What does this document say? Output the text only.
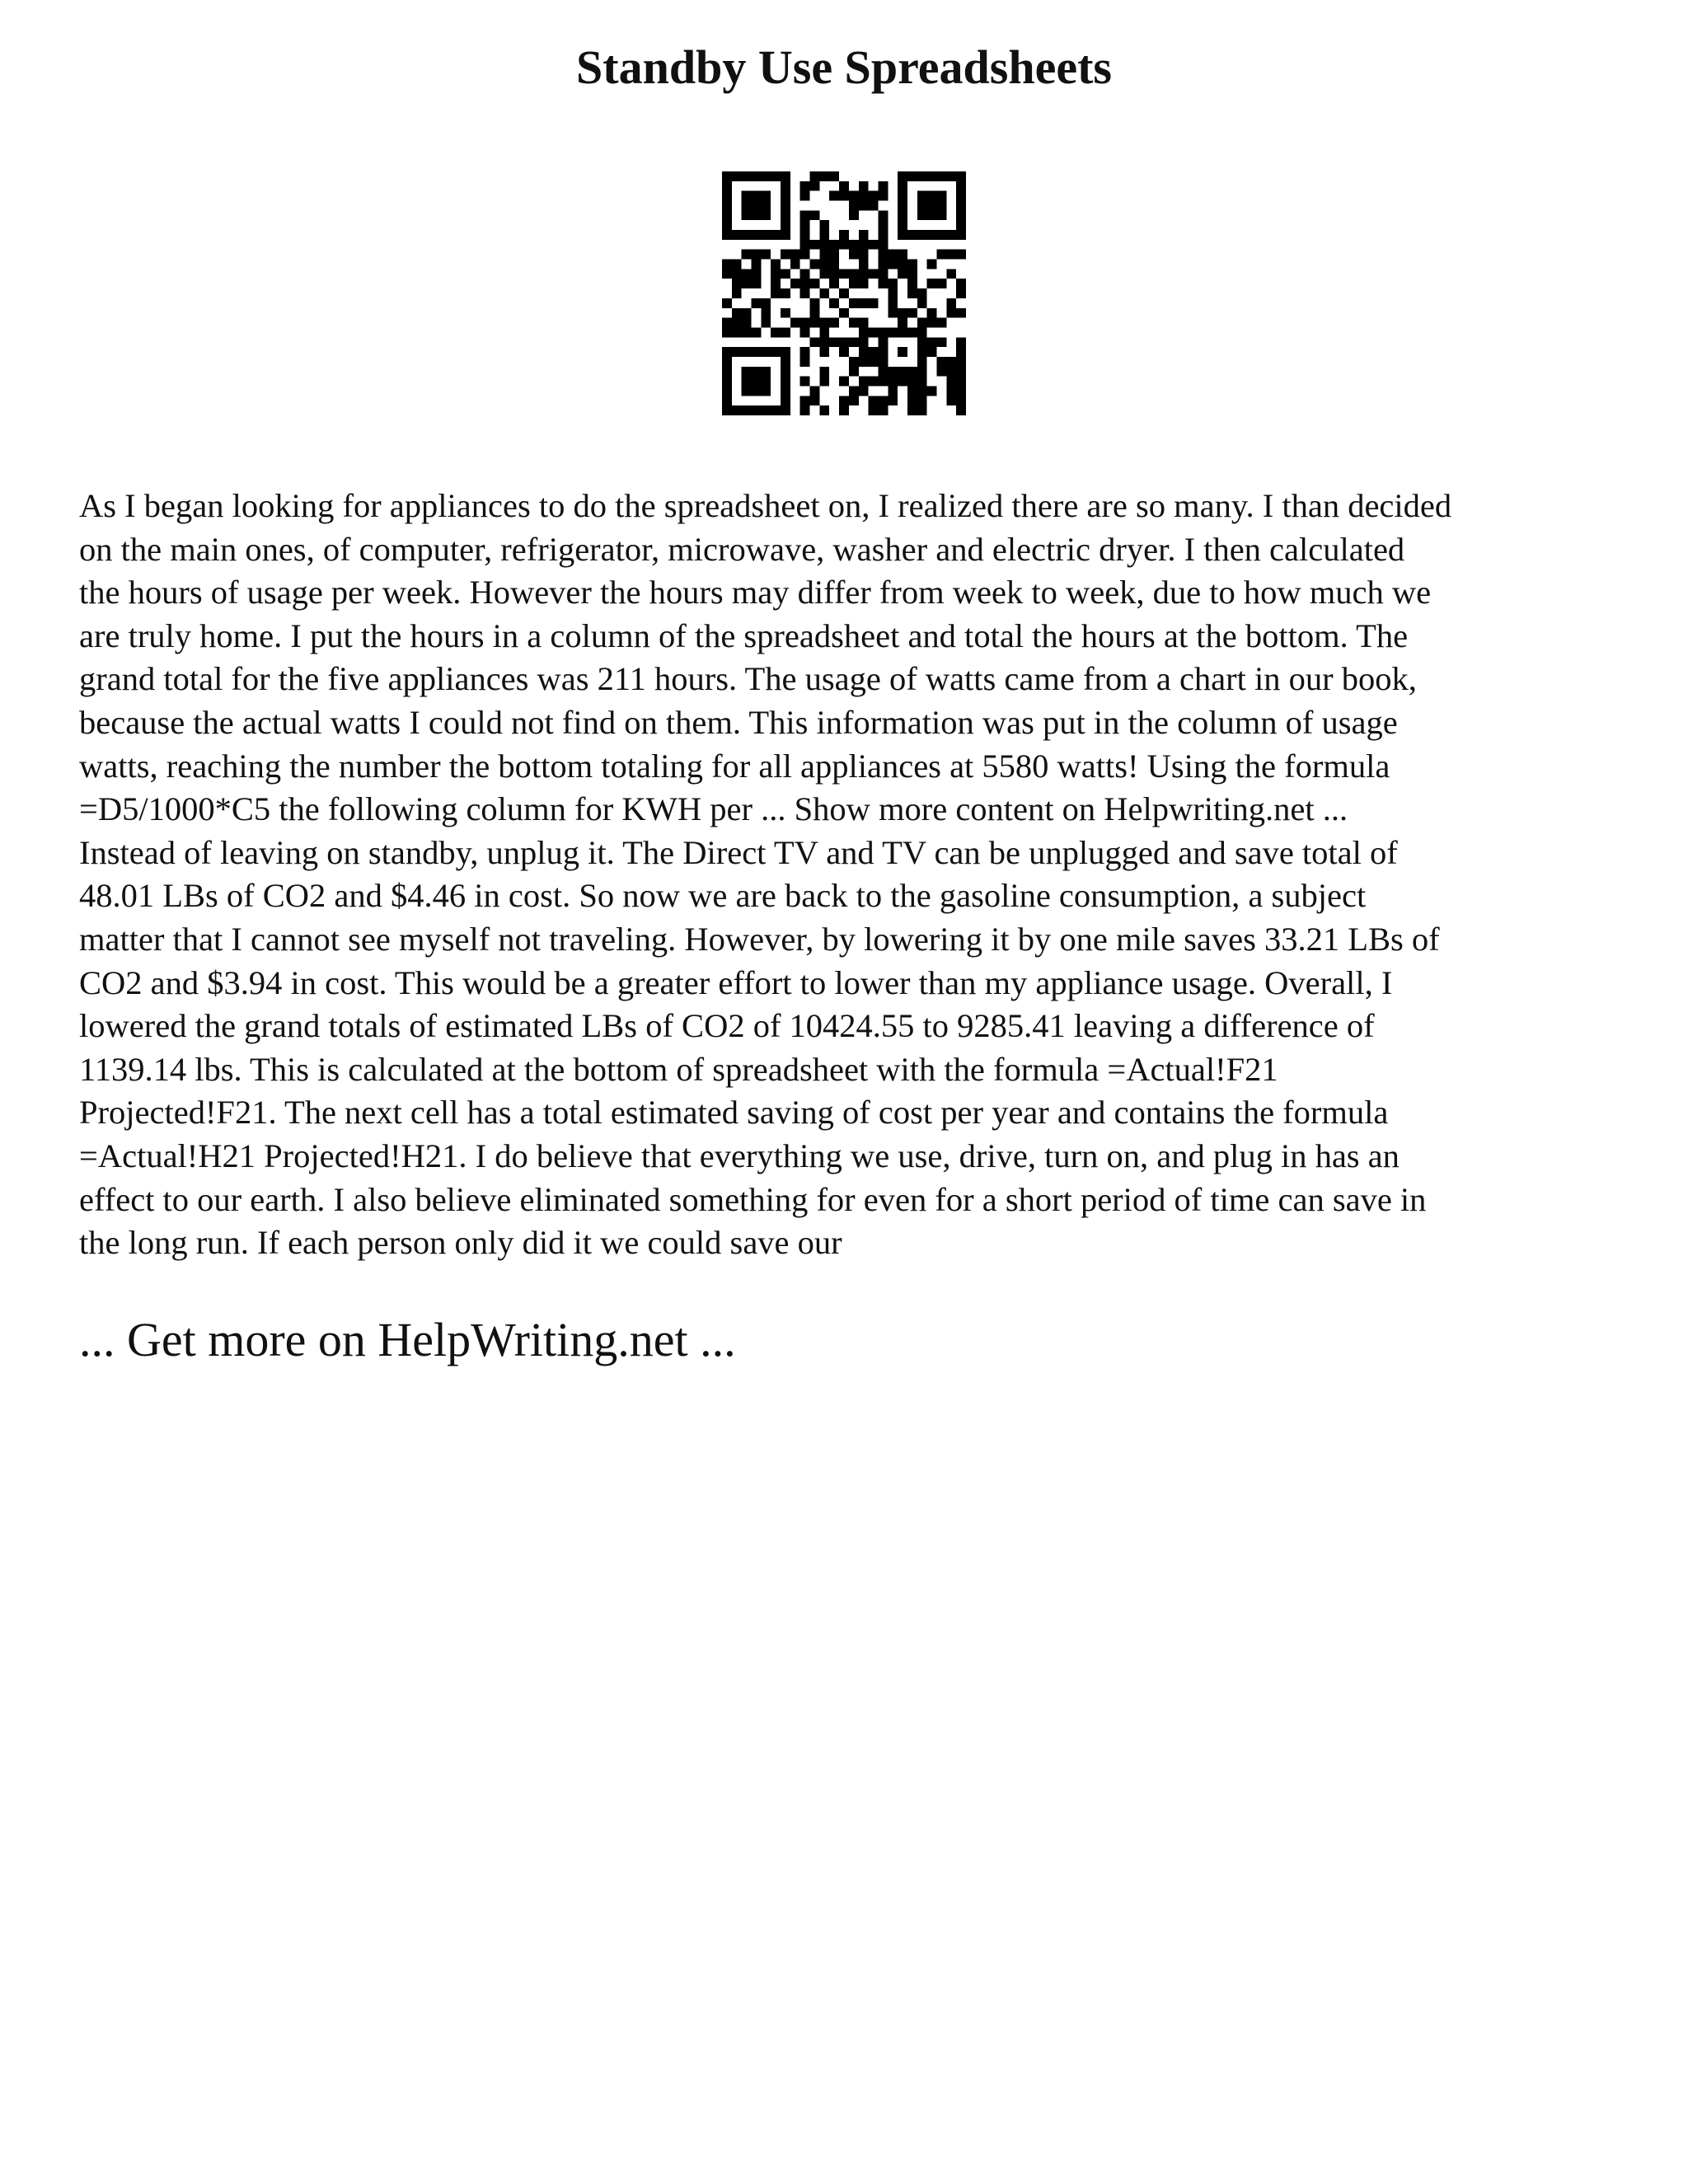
Standby Use Spreadsheets
As I began looking for appliances to do the spreadsheet on, I realized there are so many. I than decided
on the main ones, of computer, refrigerator, microwave, washer and electric dryer. I then calculated
the hours of usage per week. However the hours may differ from week to week, due to how much we
are truly home. I put the hours in a column of the spreadsheet and total the hours at the bottom. The
grand total for the five appliances was 211 hours. The usage of watts came from a chart in our book,
because the actual watts I could not find on them. This information was put in the column of usage
watts, reaching the number the bottom totaling for all appliances at 5580 watts! Using the formula
=D5/1000*C5 the following column for KWH per ... Show more content on Helpwriting.net ...
Instead of leaving on standby, unplug it. The Direct TV and TV can be unplugged and save total of
48.01 LBs of CO2 and $4.46 in cost. So now we are back to the gasoline consumption, a subject
matter that I cannot see myself not traveling. However, by lowering it by one mile saves 33.21 LBs of
CO2 and $3.94 in cost. This would be a greater effort to lower than my appliance usage. Overall, I
lowered the grand totals of estimated LBs of CO2 of 10424.55 to 9285.41 leaving a difference of
1139.14 lbs. This is calculated at the bottom of spreadsheet with the formula =Actual!F21
Projected!F21. The next cell has a total estimated saving of cost per year and contains the formula
=Actual!H21 Projected!H21. I do believe that everything we use, drive, turn on, and plug in has an
effect to our earth. I also believe eliminated something for even for a short period of time can save in
the long run. If each person only did it we could save our
... Get more on HelpWriting.net ...
